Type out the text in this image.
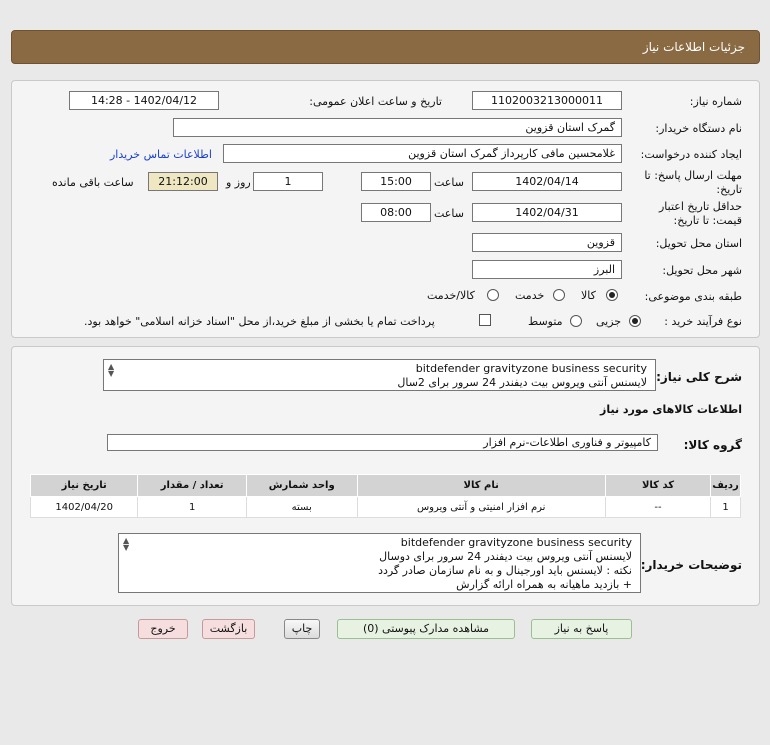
جزئیات اطلاعات نیاز
شماره نیاز:
1102003213000011
تاریخ و ساعت اعلان عمومی:
1402/04/12 - 14:28
نام دستگاه خریدار:
گمرک استان قزوین
ایجاد کننده درخواست:
غلامحسین مافی کارپرداز گمرک استان قزوین
اطلاعات تماس خریدار
مهلت ارسال پاسخ: تا
تاریخ:
1402/04/14
ساعت
15:00
1
روز و
21:12:00
ساعت باقی مانده
حداقل تاریخ اعتبار
قیمت: تا تاریخ:
1402/04/31
ساعت
08:00
استان محل تحویل:
قزوین
شهر محل تحویل:
البرز
طبقه بندی موضوعی:
کالا
خدمت
کالا/خدمت
نوع فرآیند خرید :
جزیی
متوسط
پرداخت تمام یا بخشی از مبلغ خرید،از محل "اسناد خزانه اسلامی" خواهد بود.
شرح کلی نیاز:
▲
▼	bitdefender gravityzone business security
لایسنس آنتی ویروس بیت دیفندر 24 سرور برای 2سال
اطلاعات کالاهای مورد نیاز
گروه کالا:
کامپیوتر و فناوری اطلاعات-نرم افزار
ردیف	کد کالا	نام کالا	واحد شمارش	تعداد / مقدار	تاریخ نیاز
1	--	نرم افزار امنیتی و آنتی ویروس	بسته	1	1402/04/20
توضیحات خریدار:
▲
▼	bitdefender gravityzone business security
لایسنس آنتی ویروس بیت دیفندر 24 سرور برای دوسال
نکته : لایسنس باید اورجینال و به نام سازمان صادر گردد
+ بازدید ماهیانه به همراه ارائه گزارش
پاسخ به نیاز
مشاهده مدارک پیوستی (0)
چاپ
بازگشت
خروج
